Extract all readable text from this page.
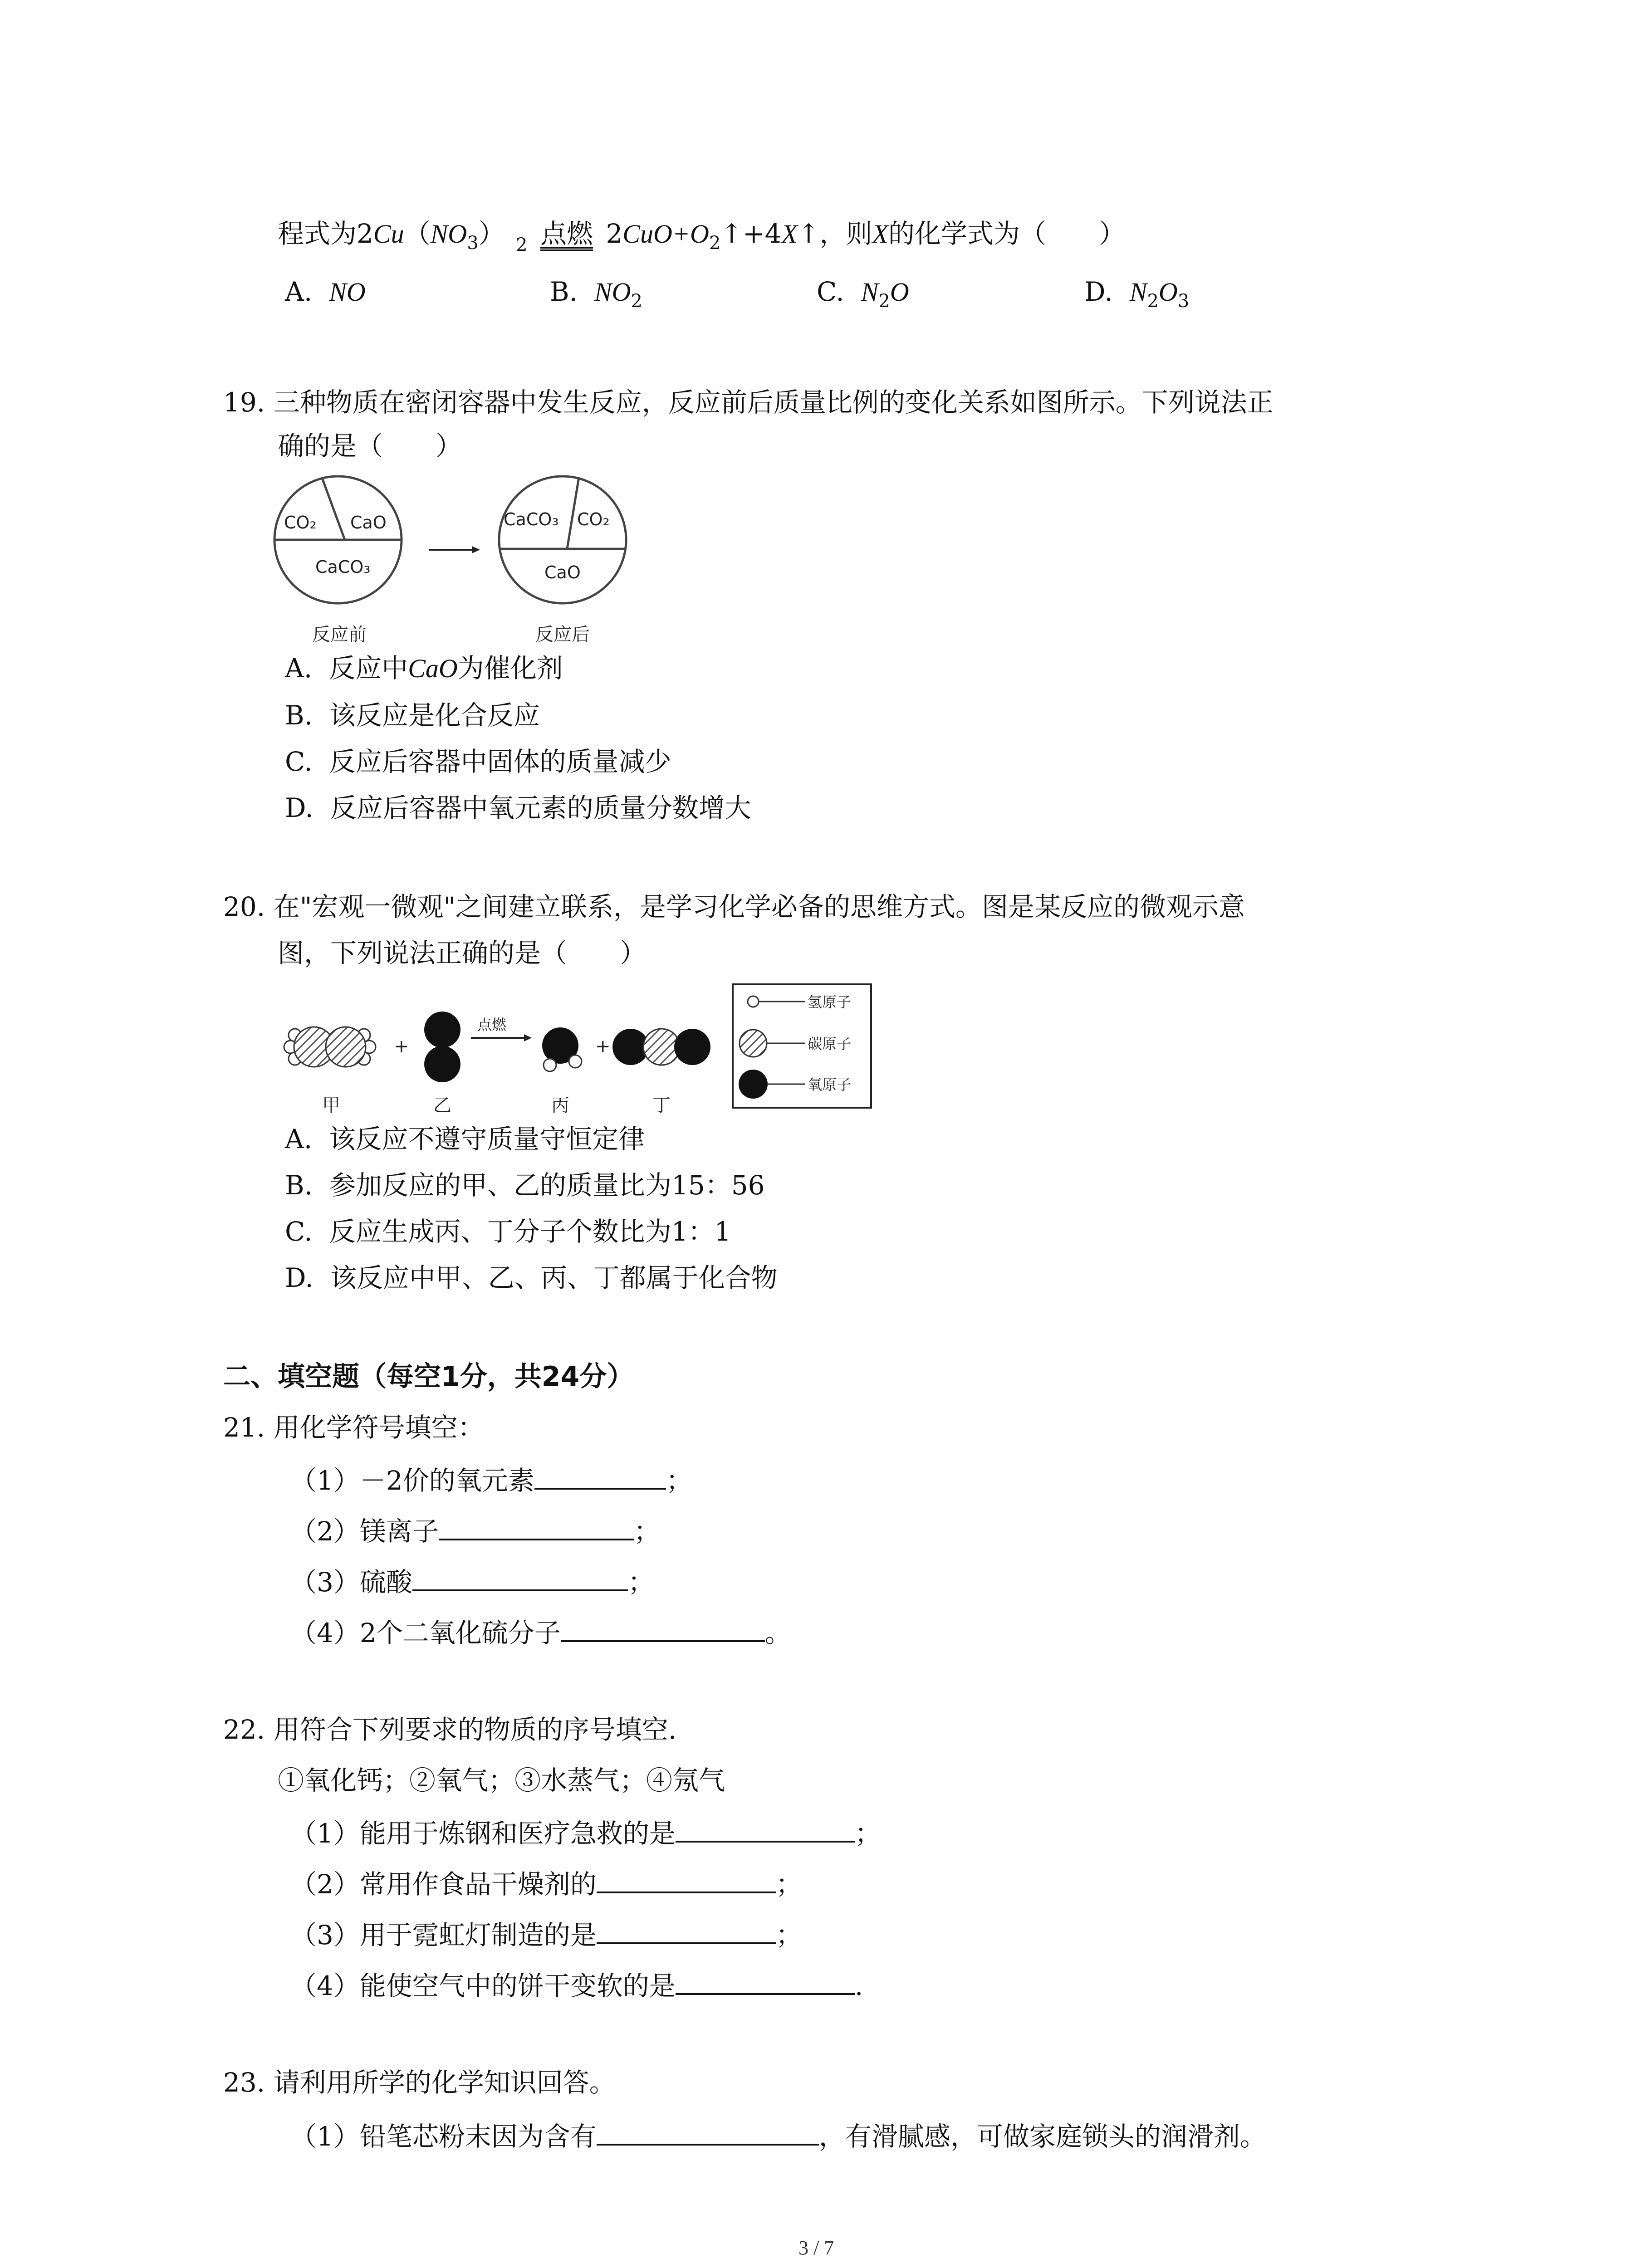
程式为$2Cu(NO_3)$ $_2$ 点燃 $2CuO+O_2↑+4X↑$，则X的化学式为（　　）
A. NO	B. $NO_2$	C. $N_2O$	D. $N_2O_3$
19. 三种物质在密闭容器中发生反应，反应前后质量比例的变化关系如图所示。下列说法正
确的是（　　）
CO₂ CaO
CaCO₃
反应前
CaCO₃ CO₂
CaO
反应后
A. 反应中CaO为催化剂
B. 该反应是化合反应
C. 反应后容器中固体的质量减少
D. 反应后容器中氧元素的质量分数增大
20. 在"宏观一微观"之间建立联系，是学习化学必备的思维方式。图是某反应的微观示意
图，下列说法正确的是（　　）
+
点燃
+
甲	乙	丙	丁
氢原子
碳原子
氧原子
A. 该反应不遵守质量守恒定律
B. 参加反应的甲、乙的质量比为15：56
C. 反应生成丙、丁分子个数比为1：1
D. 该反应中甲、乙、丙、丁都属于化合物
二、填空题（每空1分，共24分）
21. 用化学符号填空：
（1）－2价的氧元素	；
（2）镁离子	；
（3）硫酸	；
（4）2个二氧化硫分子	。
22. 用符合下列要求的物质的序号填空.
①氧化钙；②氧气；③水蒸气；④氖气
（1）能用于炼钢和医疗急救的是	；
（2）常用作食品干燥剂的	；
（3）用于霓虹灯制造的是	；
（4）能使空气中的饼干变软的是	.
23. 请利用所学的化学知识回答。
（1）铅笔芯粉末因为含有	，有滑腻感，可做家庭锁头的润滑剂。
3 / 7
